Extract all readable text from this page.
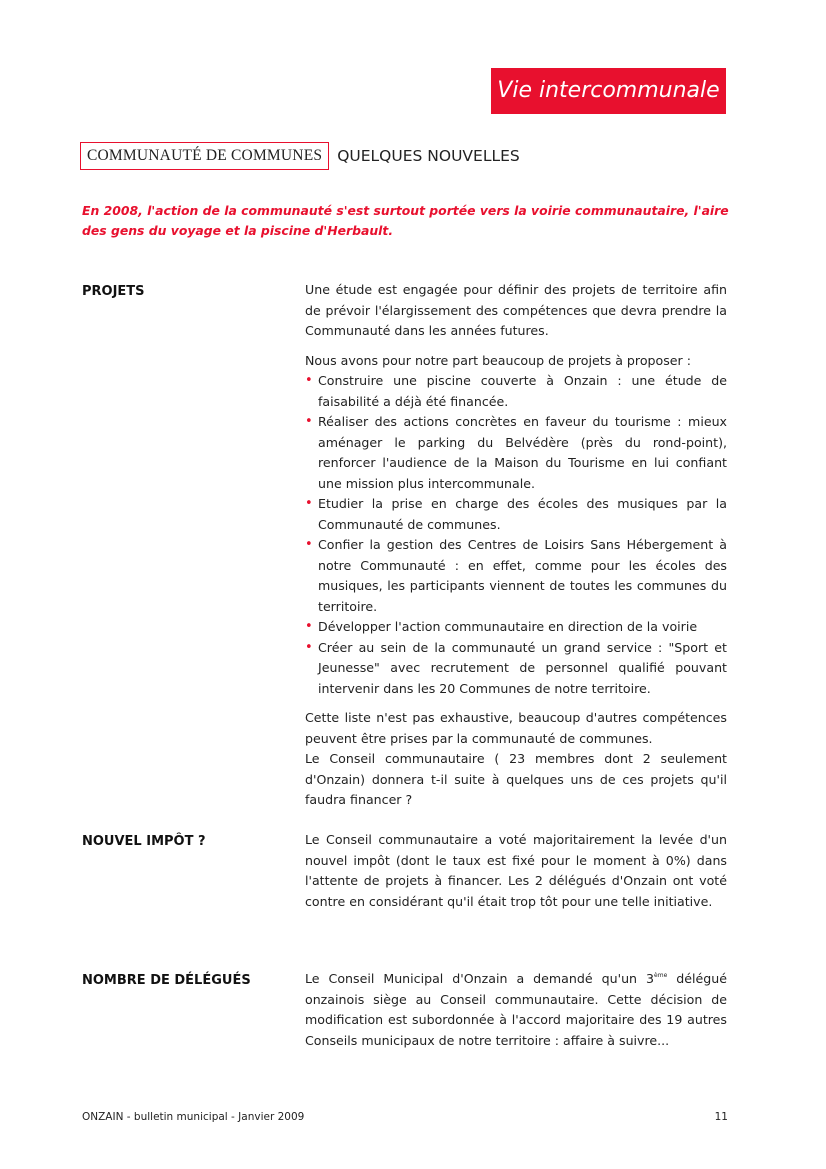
Vie intercommunale
COMMUNAUTÉ DE COMMUNES QUELQUES NOUVELLES
En 2008, l'action de la communauté s'est surtout portée vers la voirie communautaire, l'aire des gens du voyage et la piscine d'Herbault.
PROJETS	Une étude est engagée pour définir des projets de territoire afin de prévoir l'élargissement des compétences que devra prendre la Communauté dans les années futures.

Nous avons pour notre part beaucoup de projets à proposer :

• Construire une piscine couverte à Onzain : une étude de faisabilité a déjà été financée.
• Réaliser des actions concrètes en faveur du tourisme : mieux aménager le parking du Belvédère (près du rond-point), renforcer l'audience de la Maison du Tourisme en lui confiant une mission plus intercommunale.
• Etudier la prise en charge des écoles des musiques par la Communauté de communes.
• Confier la gestion des Centres de Loisirs Sans Hébergement à notre Communauté : en effet, comme pour les écoles des musiques, les participants viennent de toutes les communes du territoire.
• Développer l'action communautaire en direction de la voirie
• Créer au sein de la communauté un grand service : "Sport et Jeunesse" avec recrutement de personnel qualifié pouvant intervenir dans les 20 Communes de notre territoire.

Cette liste n'est pas exhaustive, beaucoup d'autres compétences peuvent être prises par la communauté de communes.

Le Conseil communautaire ( 23 membres dont 2 seulement d'Onzain) donnera t-il suite à quelques uns de ces projets qu'il faudra financer ?

NOUVEL IMPÔT ?	Le Conseil communautaire a voté majoritairement la levée d'un nouvel impôt (dont le taux est fixé pour le moment à 0%) dans l'attente de projets à financer. Les 2 délégués d'Onzain ont voté contre en considérant qu'il était trop tôt pour une telle initiative.

NOMBRE DE DÉLÉGUÉS	Le Conseil Municipal d'Onzain a demandé qu'un 3ème délégué onzainois siège au Conseil communautaire. Cette décision de modification est subordonnée à l'accord majoritaire des 19 autres Conseils municipaux de notre territoire : affaire à suivre...

ONZAIN - bulletin municipal - Janvier 2009	11
